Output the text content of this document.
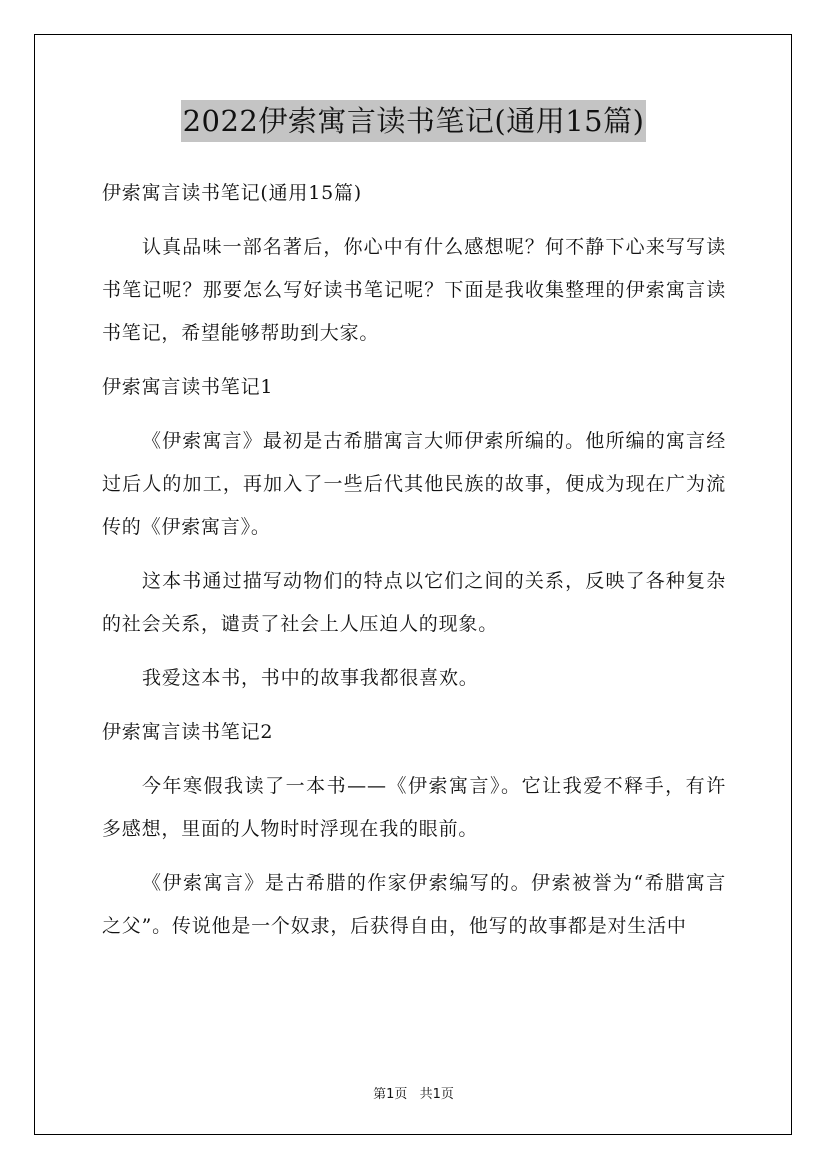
2022伊索寓言读书笔记(通用15篇)

伊索寓言读书笔记(通用15篇)

认真品味一部名著后，你心中有什么感想呢？何不静下心来写写读书笔记呢？那要怎么写好读书笔记呢？下面是我收集整理的伊索寓言读书笔记，希望能够帮助到大家。

伊索寓言读书笔记1

《伊索寓言》最初是古希腊寓言大师伊索所编的。他所编的寓言经过后人的加工，再加入了一些后代其他民族的故事，便成为现在广为流传的《伊索寓言》。

这本书通过描写动物们的特点以它们之间的关系，反映了各种复杂的社会关系，谴责了社会上人压迫人的现象。

我爱这本书，书中的故事我都很喜欢。

伊索寓言读书笔记2

今年寒假我读了一本书——《伊索寓言》。它让我爱不释手，有许多感想，里面的人物时时浮现在我的眼前。

《伊索寓言》是古希腊的作家伊索编写的。伊索被誉为“希腊寓言之父”。传说他是一个奴隶，后获得自由，他写的故事都是对生活中

第1页 共1页
